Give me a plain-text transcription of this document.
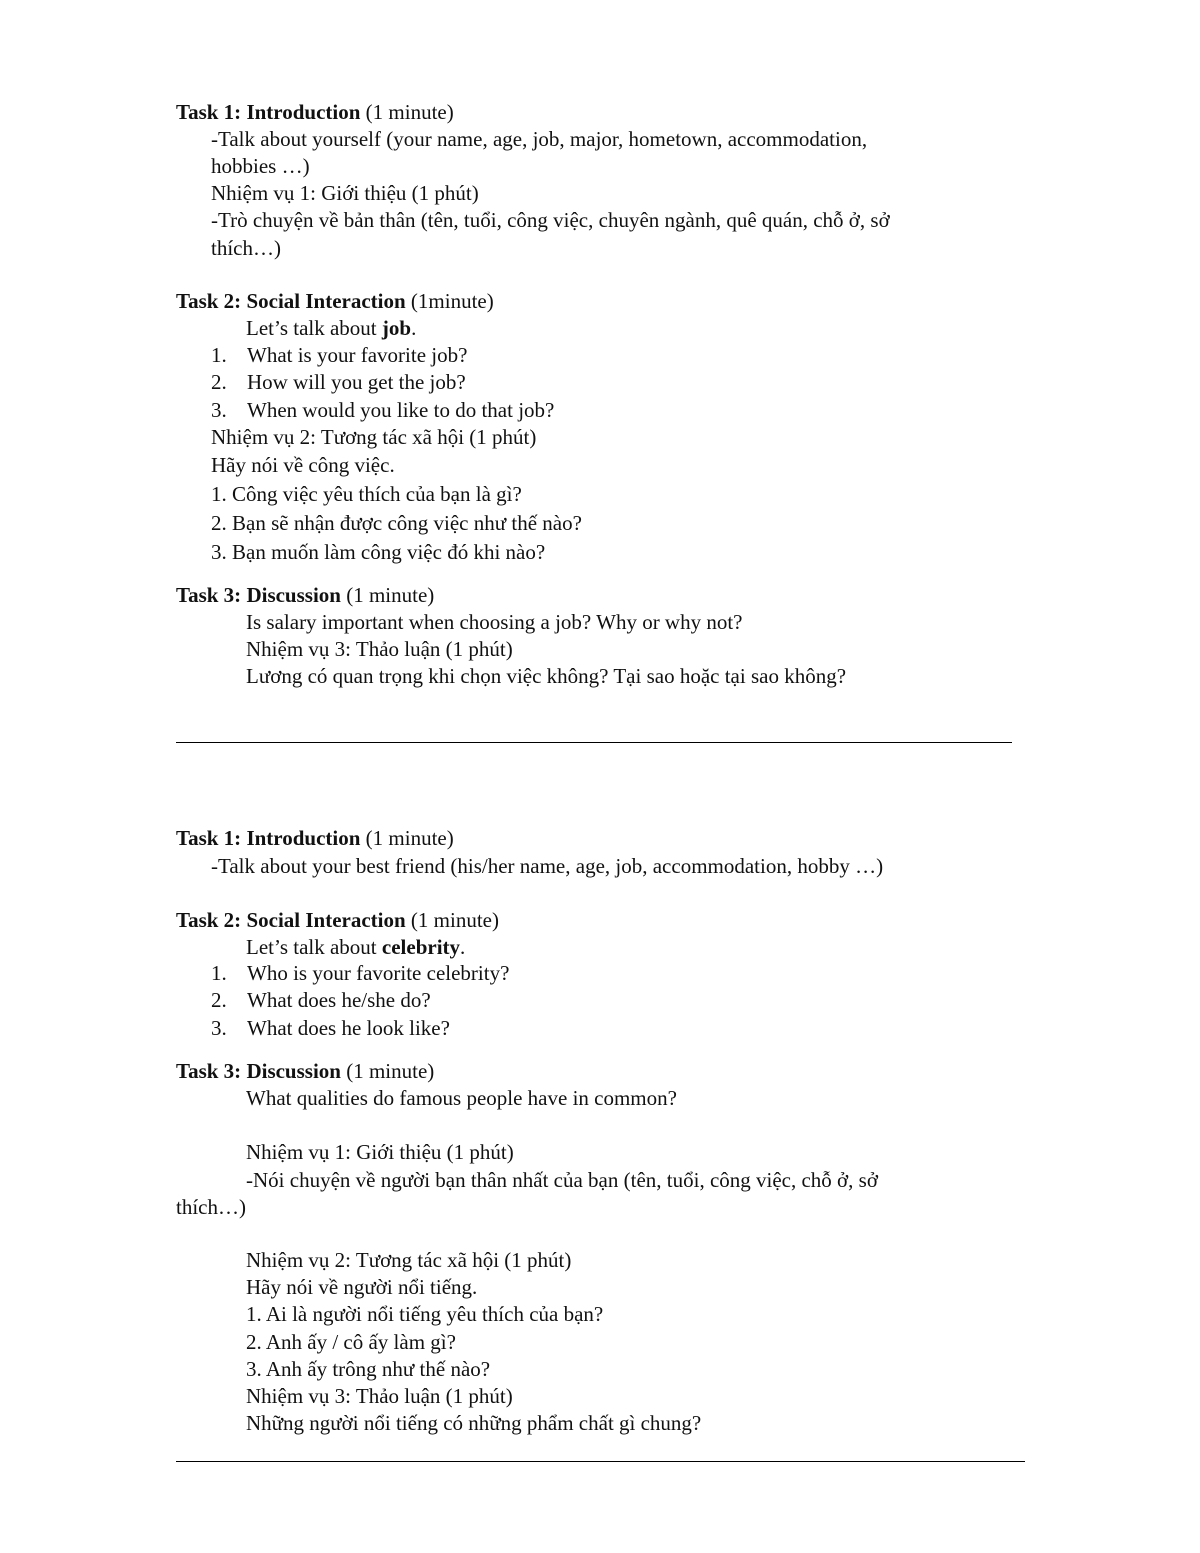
Task 1: Introduction (1 minute)
-Talk about yourself (your name, age, job, major, hometown, accommodation,
hobbies …)
Nhiệm vụ 1: Giới thiệu (1 phút)
-Trò chuyện về bản thân (tên, tuổi, công việc, chuyên ngành, quê quán, chỗ ở, sở
thích…)
Task 2: Social Interaction (1minute)
Let’s talk about job.
1. What is your favorite job?
2. How will you get the job?
3. When would you like to do that job?
Nhiệm vụ 2: Tương tác xã hội (1 phút)
Hãy nói về công việc.
1. Công việc yêu thích của bạn là gì?
2. Bạn sẽ nhận được công việc như thế nào?
3. Bạn muốn làm công việc đó khi nào?
Task 3: Discussion (1 minute)
Is salary important when choosing a job? Why or why not?
Nhiệm vụ 3: Thảo luận (1 phút)
Lương có quan trọng khi chọn việc không? Tại sao hoặc tại sao không?
Task 1: Introduction (1 minute)
-Talk about your best friend (his/her name, age, job, accommodation, hobby …)
Task 2: Social Interaction (1 minute)
Let’s talk about celebrity.
1. Who is your favorite celebrity?
2. What does he/she do?
3. What does he look like?
Task 3: Discussion (1 minute)
What qualities do famous people have in common?
Nhiệm vụ 1: Giới thiệu (1 phút)
-Nói chuyện về người bạn thân nhất của bạn (tên, tuổi, công việc, chỗ ở, sở
thích…)
Nhiệm vụ 2: Tương tác xã hội (1 phút)
Hãy nói về người nổi tiếng.
1. Ai là người nổi tiếng yêu thích của bạn?
2. Anh ấy / cô ấy làm gì?
3. Anh ấy trông như thế nào?
Nhiệm vụ 3: Thảo luận (1 phút)
Những người nổi tiếng có những phẩm chất gì chung?
